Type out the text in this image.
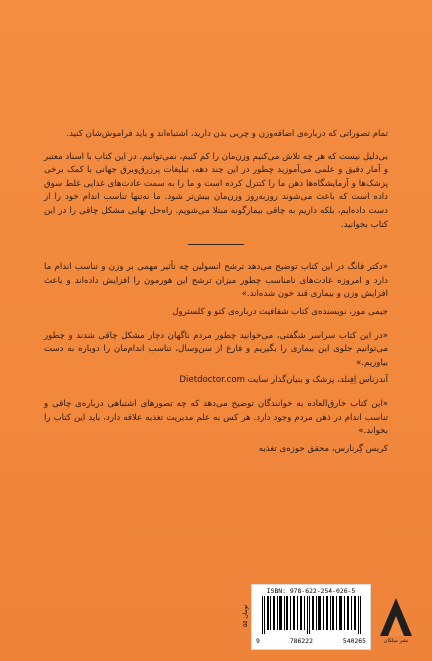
تمام تصوراتی که درباره‌ی اضافه‌وزن و چربی بدن دارید، اشتباه‌اند و باید فراموش‌شان کنید.

بی‌دلیل نیست که هر چه تلاش می‌کنیم وزن‌مان را کم کنیم، نمی‌توانیم. در این کتاب با اسناد معتبر و آمار دقیق و علمی می‌آموزید چطور در این چند دهه، تبلیغات پرزرق‌وبرق جهانی با کمک برخی پزشک‌ها و آزمایشگاه‌ها ذهن ما را کنترل کرده است و ما را به سمت عادت‌های غذایی غلط سوق داده است که باعث می‌شوند روزبه‌روز وزن‌مان بیش‌تر شود. ما نه‌تنها تناسب اندام خود را از دست داده‌ایم، بلکه داریم به چاقی بیمارگونه مبتلا می‌شویم. راه‌حل نهایی مشکل چاقی را در این کتاب بخوانید.

«دکتر فانگ در این کتاب توضیح می‌دهد ترشح انسولین چه تأثیر مهمی بر وزن و تناسب اندام ما دارد و امروزه عادت‌های نامناسب چطور میزان ترشح این هورمون را افزایش داده‌اند و باعث افزایش وزن و بیماری قند خون شده‌اند.»

جیمی مور، نویسنده‌ی کتاب شفافیت درباره‌ی کتو و کلسترول

«در این کتاب سراسر شگفتی، می‌خوانید چطور مردم ناگهان دچار مشکل چاقی شدند و چطور می‌توانیم جلوی این بیماری را بگیریم و فارغ از سن‌وسال، تناسب اندام‌مان را دوباره به دست بیاوریم.»

آندرناس اِفِنلد، پزشک و بنیان‌گذار سایت Dietdoctor.com

«این کتاب خارق‌العاده به خوانندگان توضیح می‌دهد که چه تصورهای اشتباهی درباره‌ی چاقی و تناسب اندام در ذهن مردم وجود دارد. هر کس به علم مدیریت تغذیه علاقه دارد، باید این کتاب را بخواند.»

کریس گِرنارس، محقق حوزه‌ی تغذیه

۵۵ تومان
ISBN: 978-622-254-026-5
9	786222	540265	نشر میلکان
